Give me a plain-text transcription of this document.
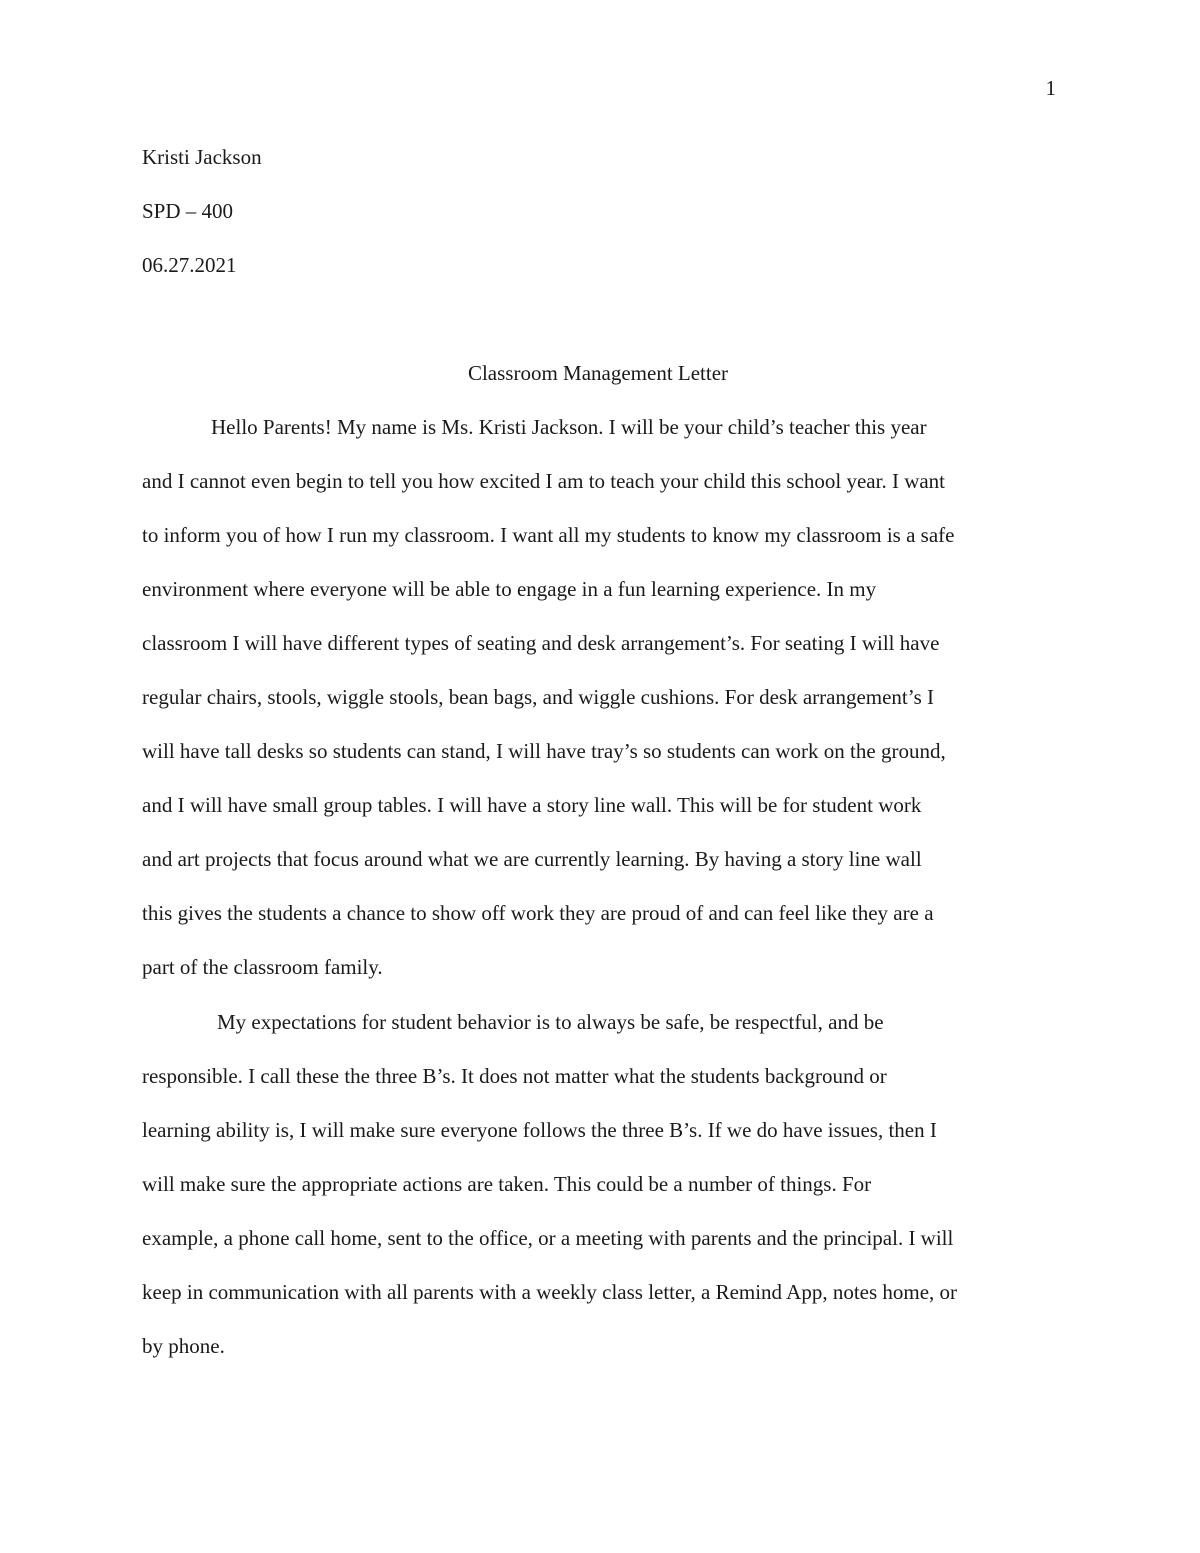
1
Kristi Jackson
SPD – 400
06.27.2021
Classroom Management Letter
Hello Parents! My name is Ms. Kristi Jackson. I will be your child’s teacher this year
and I cannot even begin to tell you how excited I am to teach your child this school year. I want
to inform you of how I run my classroom. I want all my students to know my classroom is a safe
environment where everyone will be able to engage in a fun learning experience. In my
classroom I will have different types of seating and desk arrangement’s. For seating I will have
regular chairs, stools, wiggle stools, bean bags, and wiggle cushions. For desk arrangement’s I
will have tall desks so students can stand, I will have tray’s so students can work on the ground,
and I will have small group tables. I will have a story line wall. This will be for student work
and art projects that focus around what we are currently learning. By having a story line wall
this gives the students a chance to show off work they are proud of and can feel like they are a
part of the classroom family.
My expectations for student behavior is to always be safe, be respectful, and be
responsible. I call these the three B’s. It does not matter what the students background or
learning ability is, I will make sure everyone follows the three B’s. If we do have issues, then I
will make sure the appropriate actions are taken. This could be a number of things. For
example, a phone call home, sent to the office, or a meeting with parents and the principal. I will
keep in communication with all parents with a weekly class letter, a Remind App, notes home, or
by phone.
